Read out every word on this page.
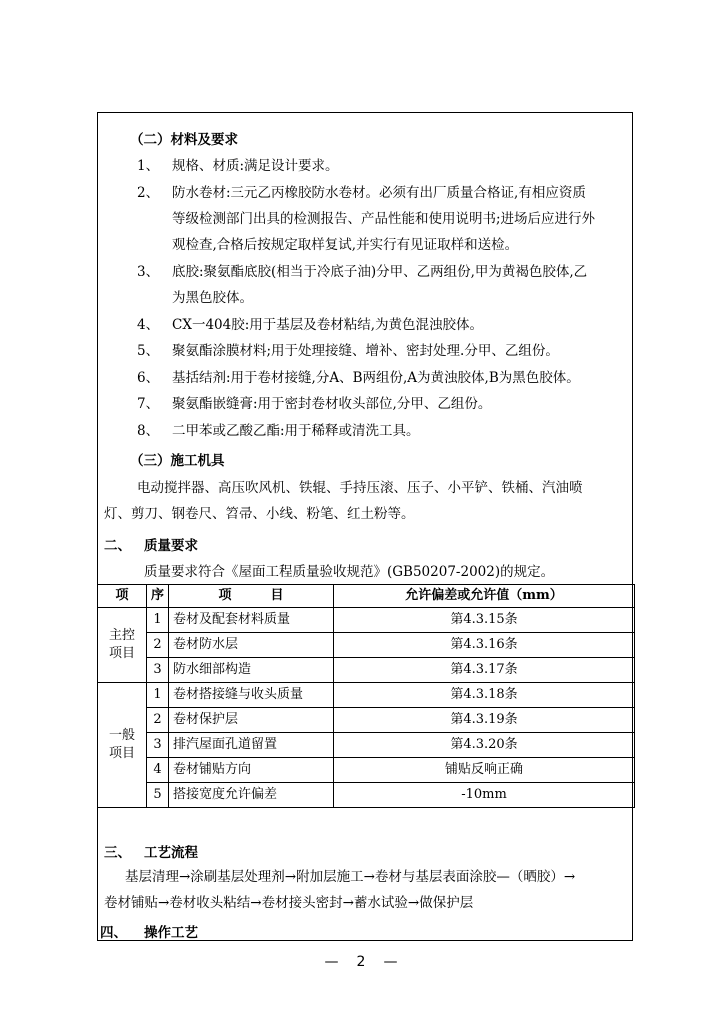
（二）材料及要求
1、 规格、材质:满足设计要求。
2、 防水卷材:三元乙丙橡胶防水卷材。必须有出厂质量合格证,有相应资质
等级检测部门出具的检测报告、产品性能和使用说明书;进场后应进行外
观检查,合格后按规定取样复试,并实行有见证取样和送检。
3、 底胶:聚氨酯底胶(相当于冷底子油)分甲、乙两组份,甲为黄褐色胶体,乙
为黑色胶体。
4、 CX一404胶:用于基层及卷材粘结,为黄色混浊胶体。
5、 聚氨酯涂膜材料;用于处理接缝、增补、密封处理.分甲、乙组份。
6、 基括结剂:用于卷材接缝,分A、B两组份,A为黄浊胶体,B为黑色胶体。
7、 聚氨酯嵌缝膏:用于密封卷材收头部位,分甲、乙组份。
8、 二甲苯或乙酸乙酯:用于稀释或清洗工具。
（三）施工机具
电动搅拌器、高压吹风机、铁辊、手持压滚、压子、小平铲、铁桶、汽油喷
灯、剪刀、钢卷尺、笤帚、小线、粉笔、红土粉等。
二、 质量要求
质量要求符合《屋面工程质量验收规范》(GB50207-2002)的规定。
项	序	项　　　目	允许偏差或允许值（mm）

主控
项目	1	卷材及配套材料质量	第4.3.15条
	2	卷材防水层	第4.3.16条
	3	防水细部构造	第4.3.17条

一般
项目	1	卷材搭接缝与收头质量	第4.3.18条
	2	卷材保护层	第4.3.19条
	3	排汽屋面孔道留置	第4.3.20条
	4	卷材铺贴方向	铺贴反响正确
	5	搭接宽度允许偏差	-10mm
三、 工艺流程
基层清理→涂刷基层处理剂→附加层施工→卷材与基层表面涂胶—（晒胶）→
卷材铺贴→卷材收头粘结→卷材接头密封→蓄水试验→做保护层
四、 操作工艺
—　2　—
